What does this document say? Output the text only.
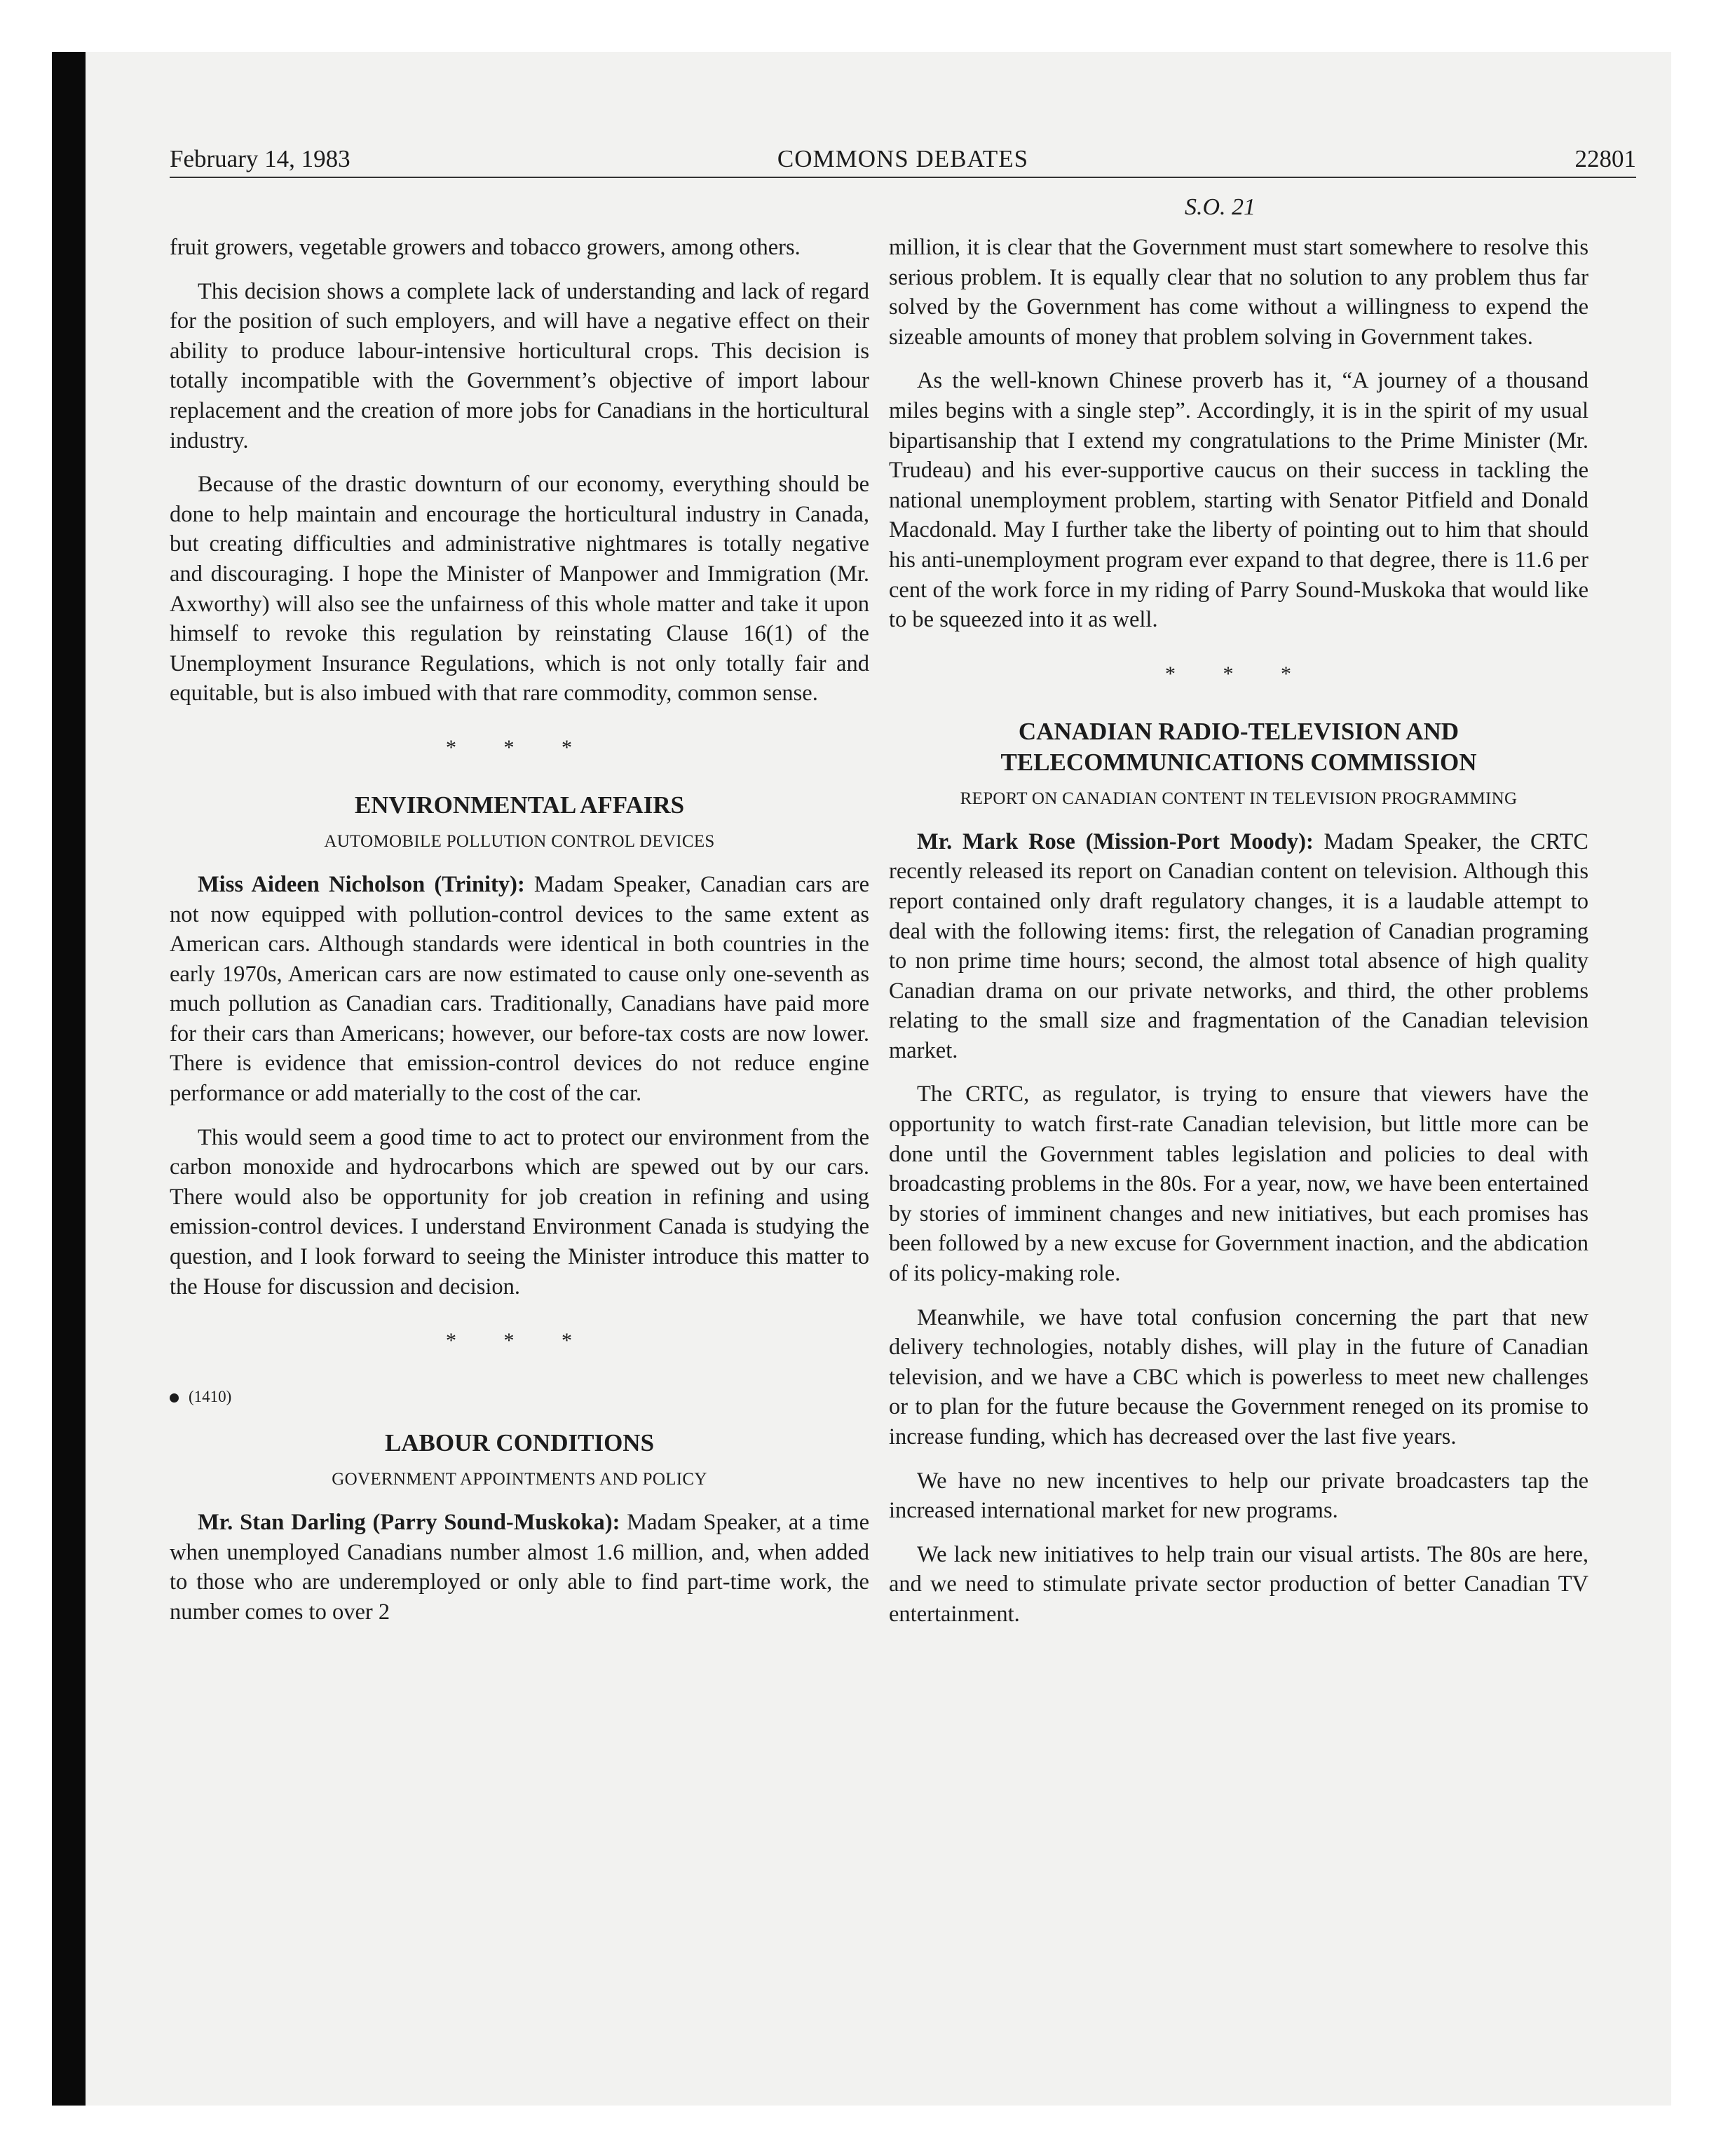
February 14, 1983	COMMONS DEBATES	22801
S.O. 21

fruit growers, vegetable growers and tobacco growers, among others.

This decision shows a complete lack of understanding and lack of regard for the position of such employers, and will have a negative effect on their ability to produce labour-intensive horticultural crops. This decision is totally incompatible with the Government’s objective of import labour replacement and the creation of more jobs for Canadians in the horticultural industry.

Because of the drastic downturn of our economy, everything should be done to help maintain and encourage the horticultural industry in Canada, but creating difficulties and administrative nightmares is totally negative and discouraging. I hope the Minister of Manpower and Immigration (Mr. Axworthy) will also see the unfairness of this whole matter and take it upon himself to revoke this regulation by reinstating Clause 16(1) of the Unemployment Insurance Regulations, which is not only totally fair and equitable, but is also imbued with that rare commodity, common sense.

* * *
ENVIRONMENTAL AFFAIRS
AUTOMOBILE POLLUTION CONTROL DEVICES

Miss Aideen Nicholson (Trinity): Madam Speaker, Canadian cars are not now equipped with pollution-control devices to the same extent as American cars. Although standards were identical in both countries in the early 1970s, American cars are now estimated to cause only one-seventh as much pollution as Canadian cars. Traditionally, Canadians have paid more for their cars than Americans; however, our before-tax costs are now lower. There is evidence that emission-control devices do not reduce engine performance or add materially to the cost of the car.

This would seem a good time to act to protect our environment from the carbon monoxide and hydrocarbons which are spewed out by our cars. There would also be opportunity for job creation in refining and using emission-control devices. I understand Environment Canada is studying the question, and I look forward to seeing the Minister introduce this matter to the House for discussion and decision.

* * *
(1410)
LABOUR CONDITIONS
GOVERNMENT APPOINTMENTS AND POLICY

Mr. Stan Darling (Parry Sound-Muskoka): Madam Speaker, at a time when unemployed Canadians number almost 1.6 million, and, when added to those who are underemployed or only able to find part-time work, the number comes to over 2

million, it is clear that the Government must start somewhere to resolve this serious problem. It is equally clear that no solution to any problem thus far solved by the Government has come without a willingness to expend the sizeable amounts of money that problem solving in Government takes.

As the well-known Chinese proverb has it, “A journey of a thousand miles begins with a single step”. Accordingly, it is in the spirit of my usual bipartisanship that I extend my congratulations to the Prime Minister (Mr. Trudeau) and his ever-supportive caucus on their success in tackling the national unemployment problem, starting with Senator Pitfield and Donald Macdonald. May I further take the liberty of pointing out to him that should his anti-unemployment program ever expand to that degree, there is 11.6 per cent of the work force in my riding of Parry Sound-Muskoka that would like to be squeezed into it as well.

* * *
CANADIAN RADIO-TELEVISION AND TELECOMMUNICATIONS COMMISSION
REPORT ON CANADIAN CONTENT IN TELEVISION PROGRAMMING

Mr. Mark Rose (Mission-Port Moody): Madam Speaker, the CRTC recently released its report on Canadian content on television. Although this report contained only draft regulatory changes, it is a laudable attempt to deal with the following items: first, the relegation of Canadian programing to non prime time hours; second, the almost total absence of high quality Canadian drama on our private networks, and third, the other problems relating to the small size and fragmentation of the Canadian television market.

The CRTC, as regulator, is trying to ensure that viewers have the opportunity to watch first-rate Canadian television, but little more can be done until the Government tables legislation and policies to deal with broadcasting problems in the 80s. For a year, now, we have been entertained by stories of imminent changes and new initiatives, but each promises has been followed by a new excuse for Government inaction, and the abdication of its policy-making role.

Meanwhile, we have total confusion concerning the part that new delivery technologies, notably dishes, will play in the future of Canadian television, and we have a CBC which is powerless to meet new challenges or to plan for the future because the Government reneged on its promise to increase funding, which has decreased over the last five years.

We have no new incentives to help our private broadcasters tap the increased international market for new programs.

We lack new initiatives to help train our visual artists. The 80s are here, and we need to stimulate private sector production of better Canadian TV entertainment.
